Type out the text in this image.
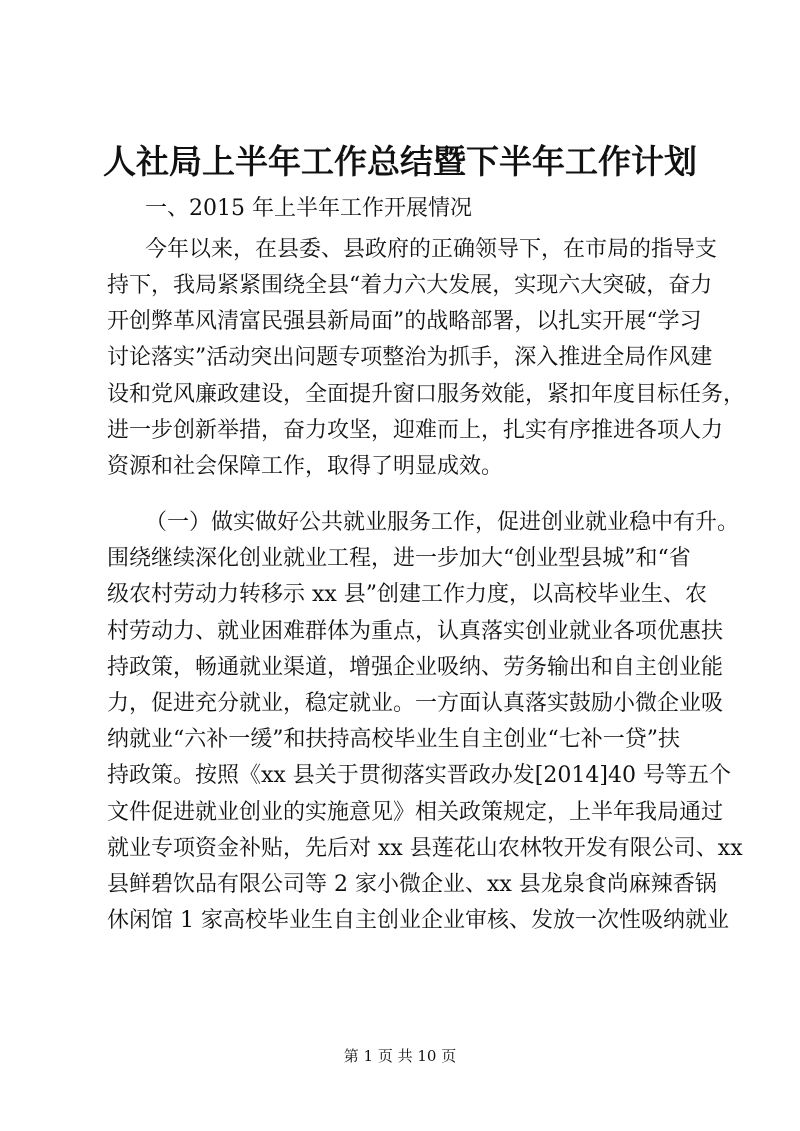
人社局上半年工作总结暨下半年工作计划
一、2015 年上半年工作开展情况
今年以来，在县委、县政府的正确领导下，在市局的指导支
持下，我局紧紧围绕全县“着力六大发展，实现六大突破，奋力
开创弊革风清富民强县新局面”的战略部署，以扎实开展“学习
讨论落实”活动突出问题专项整治为抓手，深入推进全局作风建
设和党风廉政建设，全面提升窗口服务效能，紧扣年度目标任务，
进一步创新举措，奋力攻坚，迎难而上，扎实有序推进各项人力
资源和社会保障工作，取得了明显成效。
（一）做实做好公共就业服务工作，促进创业就业稳中有升。
围绕继续深化创业就业工程，进一步加大“创业型县城”和“省
级农村劳动力转移示 xx 县”创建工作力度，以高校毕业生、农
村劳动力、就业困难群体为重点，认真落实创业就业各项优惠扶
持政策，畅通就业渠道，增强企业吸纳、劳务输出和自主创业能
力，促进充分就业，稳定就业。一方面认真落实鼓励小微企业吸
纳就业“六补一缓”和扶持高校毕业生自主创业“七补一贷”扶
持政策。按照《xx 县关于贯彻落实晋政办发[2014]40 号等五个
文件促进就业创业的实施意见》相关政策规定，上半年我局通过
就业专项资金补贴，先后对 xx 县莲花山农林牧开发有限公司、xx
县鲜碧饮品有限公司等 2 家小微企业、xx 县龙泉食尚麻辣香锅
休闲馆 1 家高校毕业生自主创业企业审核、发放一次性吸纳就业
第 1 页 共 10 页
